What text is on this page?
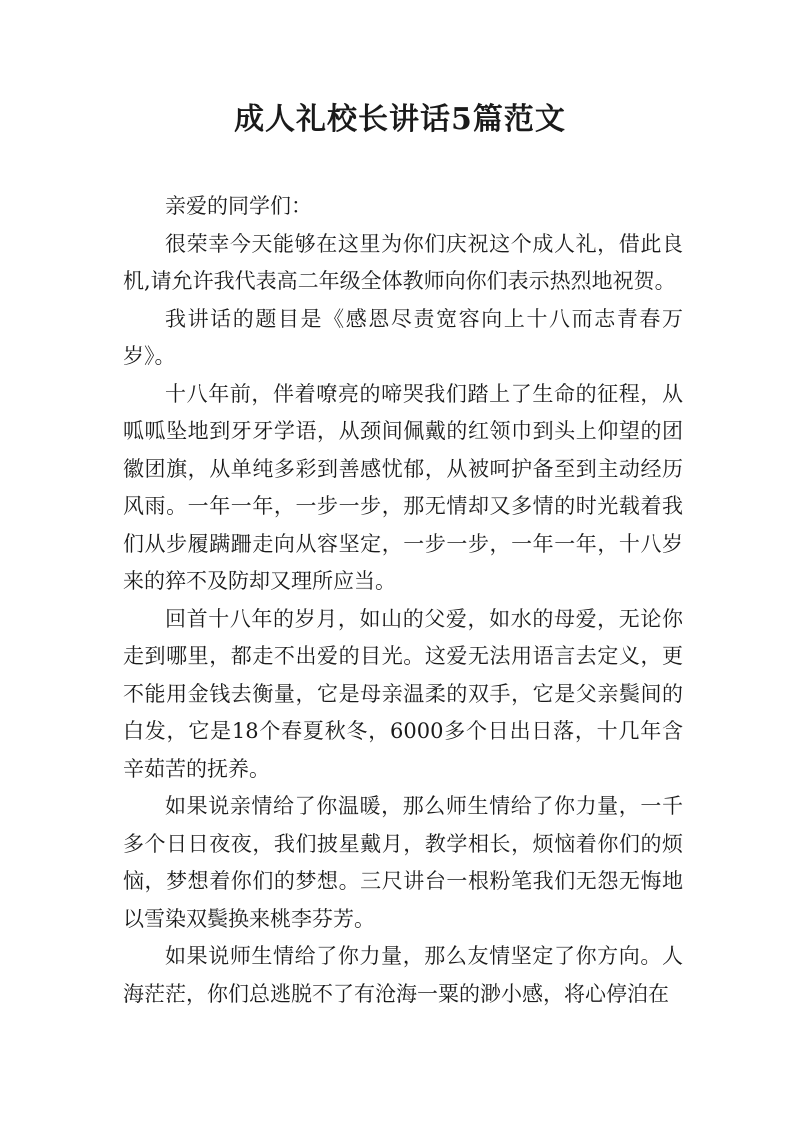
成人礼校长讲话5篇范文

亲爱的同学们：

很荣幸今天能够在这里为你们庆祝这个成人礼，借此良机,请允许我代表高二年级全体教师向你们表示热烈地祝贺。

我讲话的题目是《感恩尽责宽容向上十八而志青春万岁》。

十八年前，伴着嘹亮的啼哭我们踏上了生命的征程，从呱呱坠地到牙牙学语，从颈间佩戴的红领巾到头上仰望的团徽团旗，从单纯多彩到善感忧郁，从被呵护备至到主动经历风雨。一年一年，一步一步，那无情却又多情的时光载着我们从步履蹒跚走向从容坚定，一步一步，一年一年，十八岁来的猝不及防却又理所应当。

回首十八年的岁月，如山的父爱，如水的母爱，无论你走到哪里，都走不出爱的目光。这爱无法用语言去定义，更不能用金钱去衡量，它是母亲温柔的双手，它是父亲鬓间的白发，它是18个春夏秋冬，6000多个日出日落，十几年含辛茹苦的抚养。

如果说亲情给了你温暖，那么师生情给了你力量，一千多个日日夜夜，我们披星戴月，教学相长，烦恼着你们的烦恼，梦想着你们的梦想。三尺讲台一根粉笔我们无怨无悔地以雪染双鬓换来桃李芬芳。

如果说师生情给了你力量，那么友情坚定了你方向。人海茫茫，你们总逃脱不了有沧海一粟的渺小感，将心停泊在
